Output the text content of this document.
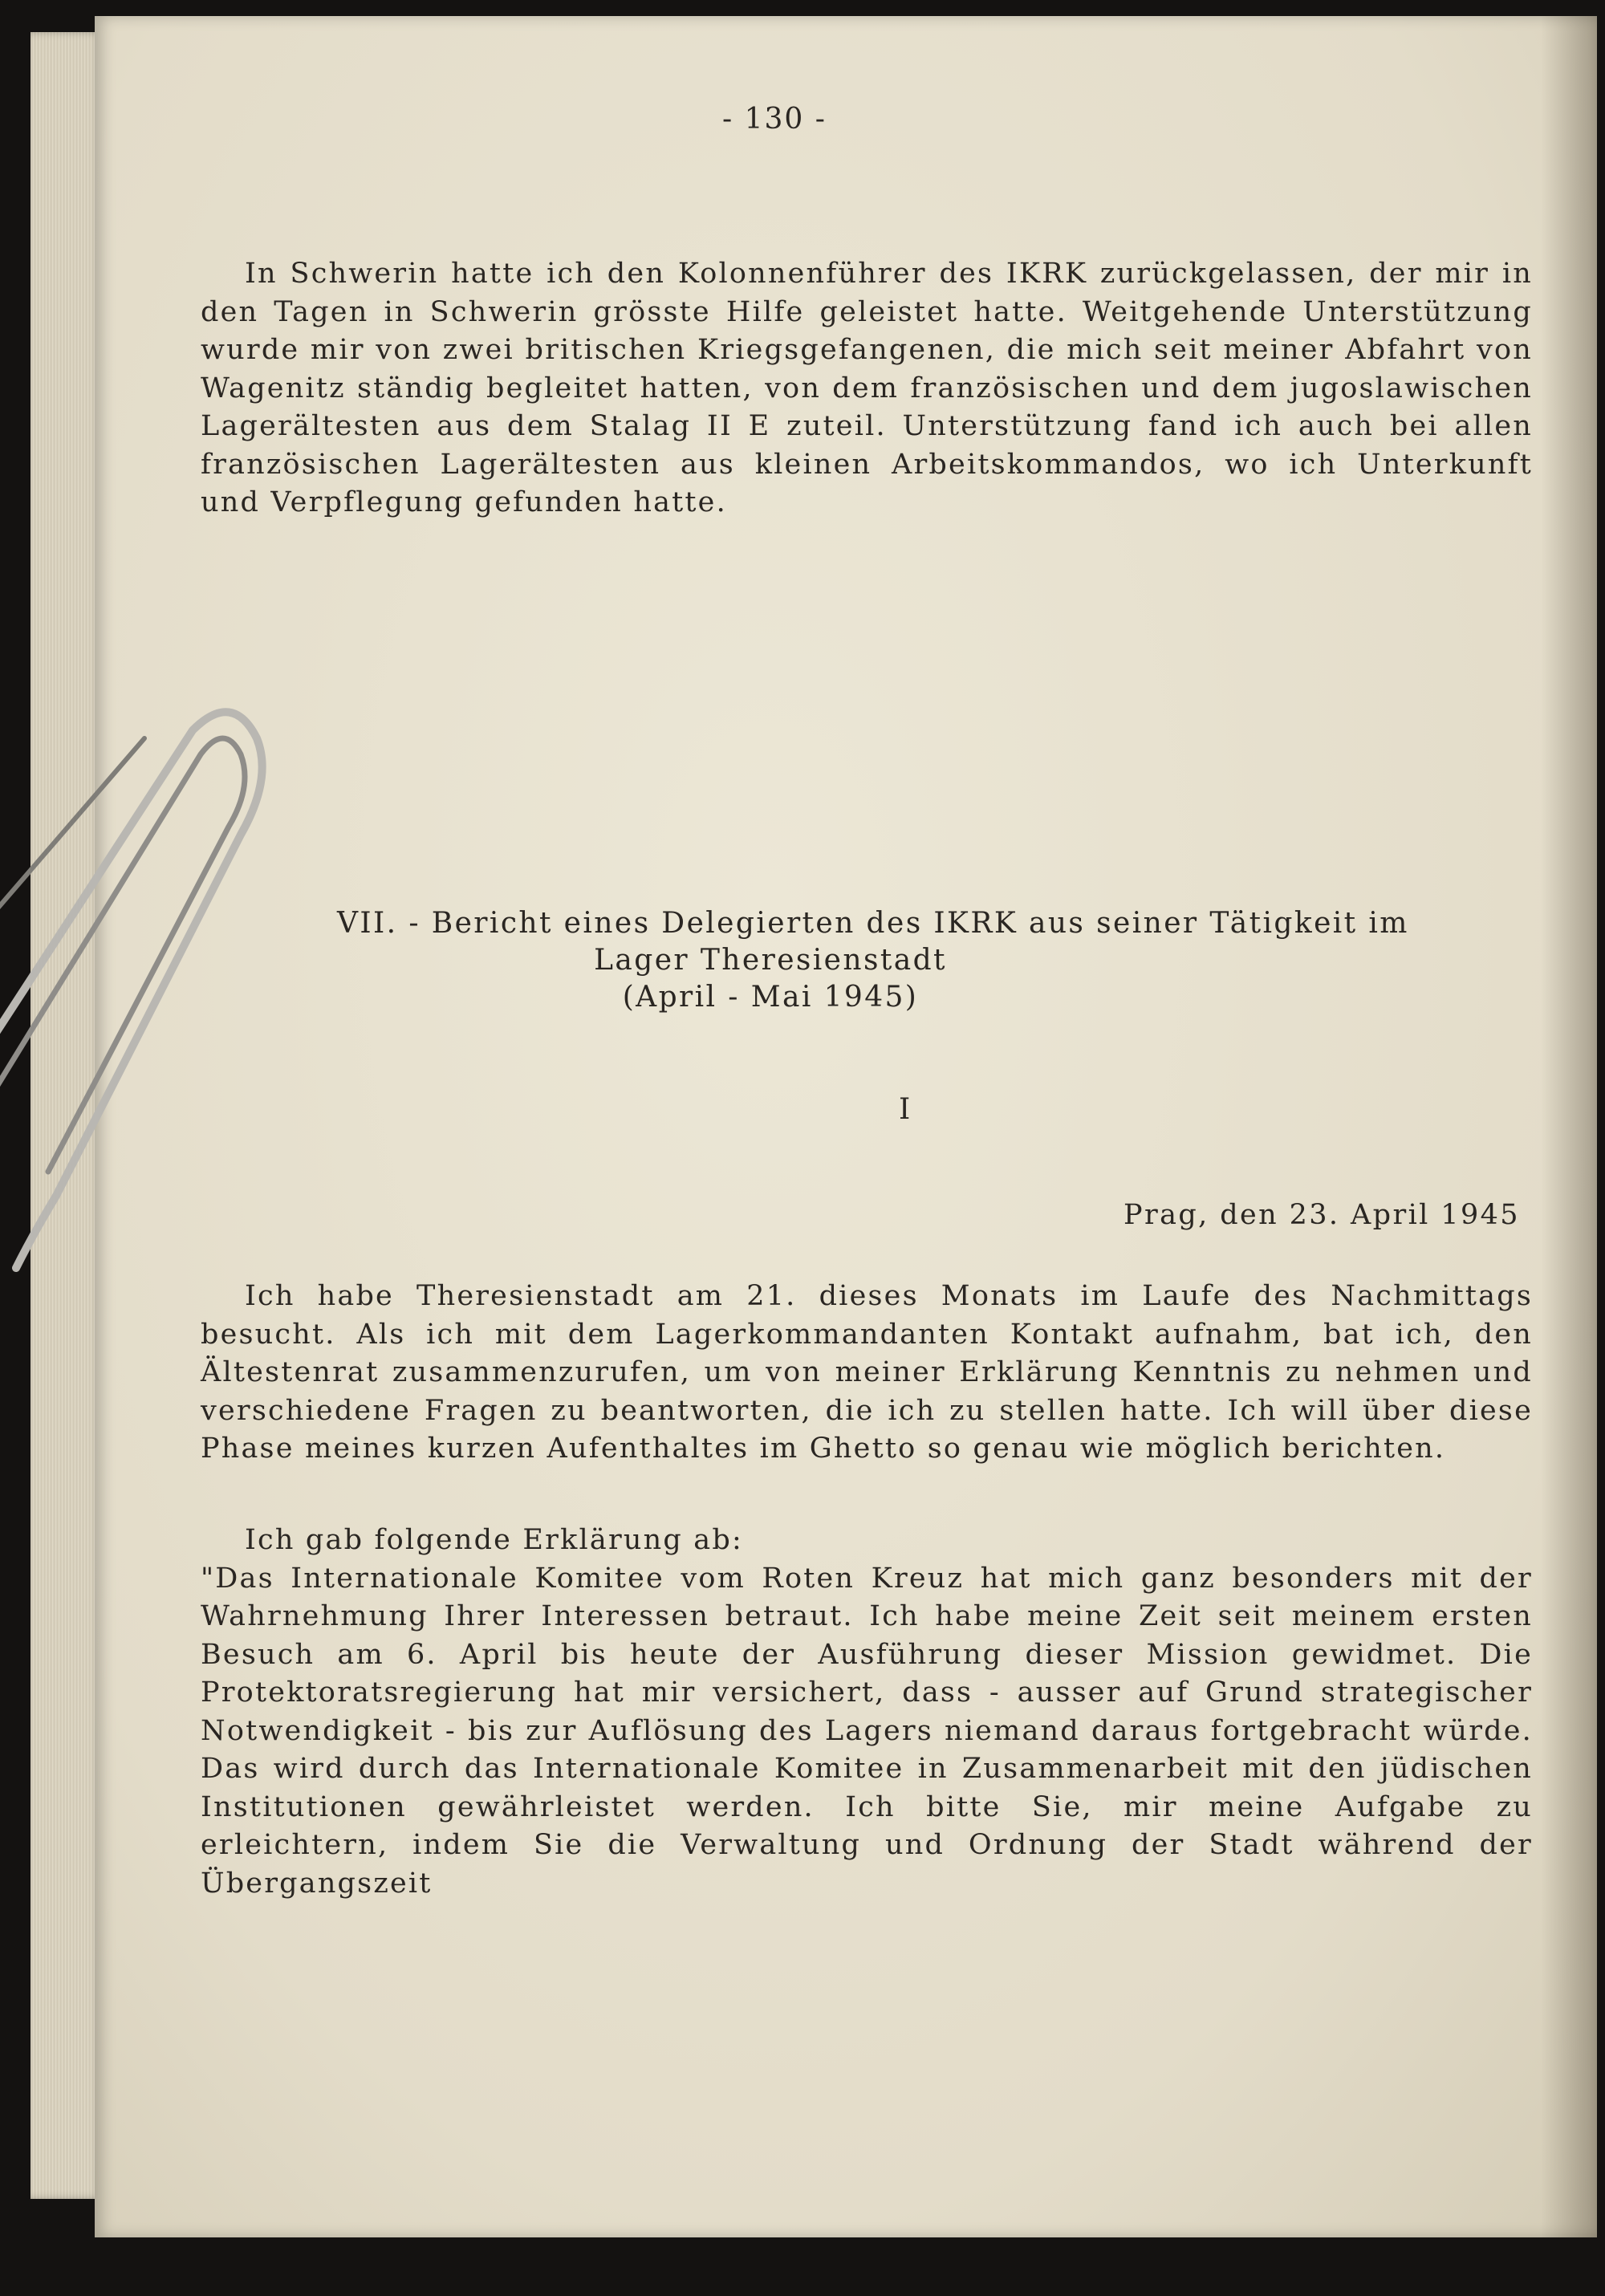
- 130 -

In Schwerin hatte ich den Kolonnenführer des IKRK zurückgelassen, der mir in den Tagen in Schwerin grösste Hilfe geleistet hatte. Weitgehende Unterstützung wurde mir von zwei britischen Kriegsgefangenen, die mich seit meiner Abfahrt von Wagenitz ständig begleitet hatten, von dem französischen und dem jugoslawischen Lagerältesten aus dem Stalag II E zuteil. Unterstützung fand ich auch bei allen französischen Lagerältesten aus kleinen Arbeitskommandos, wo ich Unterkunft und Verpflegung gefunden hatte.

VII. - Bericht eines Delegierten des IKRK aus seiner Tätigkeit im
Lager Theresienstadt
(April - Mai 1945)
I
Prag, den 23. April 1945

Ich habe Theresienstadt am 21. dieses Monats im Laufe des Nachmittags besucht. Als ich mit dem Lagerkommandanten Kontakt aufnahm, bat ich, den Ältestenrat zusammenzurufen, um von meiner Erklärung Kenntnis zu nehmen und verschiedene Fragen zu beantworten, die ich zu stellen hatte. Ich will über diese Phase meines kurzen Aufenthaltes im Ghetto so genau wie möglich berichten.

Ich gab folgende Erklärung ab:

"Das Internationale Komitee vom Roten Kreuz hat mich ganz besonders mit der Wahrnehmung Ihrer Interessen betraut. Ich habe meine Zeit seit meinem ersten Besuch am 6. April bis heute der Ausführung dieser Mission gewidmet. Die Protektoratsregierung hat mir versichert, dass - ausser auf Grund strategischer Notwendigkeit - bis zur Auflösung des Lagers niemand daraus fortgebracht würde. Das wird durch das Internationale Komitee in Zusammenarbeit mit den jüdischen Institutionen gewährleistet werden. Ich bitte Sie, mir meine Aufgabe zu erleichtern, indem Sie die Verwaltung und Ordnung der Stadt während der Übergangszeit
